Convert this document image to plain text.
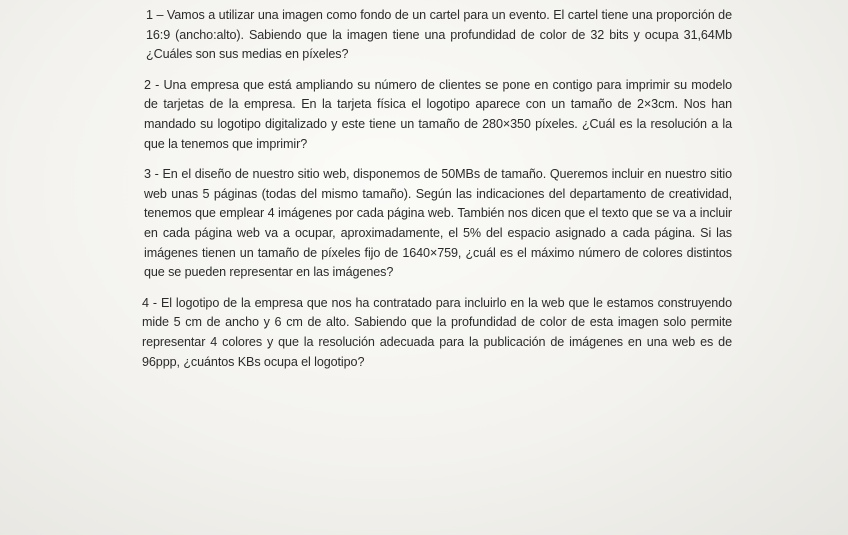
1 – Vamos a utilizar una imagen como fondo de un cartel para un evento. El cartel tiene una proporción de 16:9 (ancho:alto). Sabiendo que la imagen tiene una profundidad de color de 32 bits y ocupa 31,64Mb ¿Cuáles son sus medias en píxeles?

2 - Una empresa que está ampliando su número de clientes se pone en contigo para imprimir su modelo de tarjetas de la empresa. En la tarjeta física el logotipo aparece con un tamaño de 2×3cm. Nos han mandado su logotipo digitalizado y este tiene un tamaño de 280×350 píxeles. ¿Cuál es la resolución a la que la tenemos que imprimir?

3 - En el diseño de nuestro sitio web, disponemos de 50MBs de tamaño. Queremos incluir en nuestro sitio web unas 5 páginas (todas del mismo tamaño). Según las indicaciones del departamento de creatividad, tenemos que emplear 4 imágenes por cada página web. También nos dicen que el texto que se va a incluir en cada página web va a ocupar, aproximadamente, el 5% del espacio asignado a cada página. Si las imágenes tienen un tamaño de píxeles fijo de 1640×759, ¿cuál es el máximo número de colores distintos que se pueden representar en las imágenes?

4 - El logotipo de la empresa que nos ha contratado para incluirlo en la web que le estamos construyendo mide 5 cm de ancho y 6 cm de alto. Sabiendo que la profundidad de color de esta imagen solo permite representar 4 colores y que la resolución adecuada para la publicación de imágenes en una web es de 96ppp, ¿cuántos KBs ocupa el logotipo?
